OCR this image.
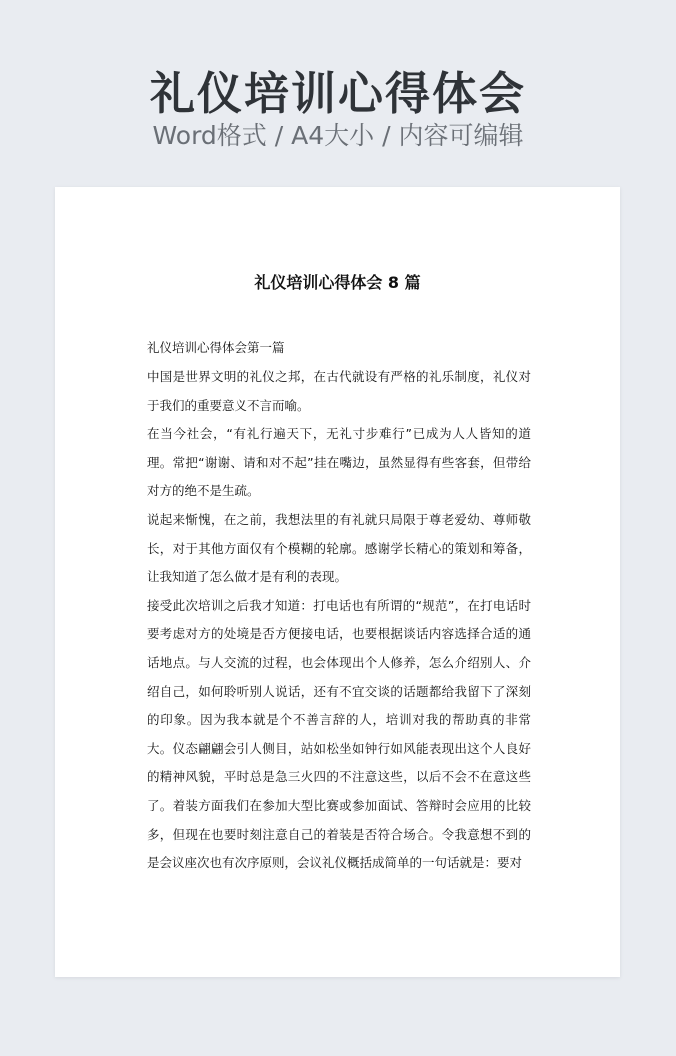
礼仪培训心得体会
Word格式 / A4大小 / 内容可编辑
礼仪培训心得体会 8 篇
礼仪培训心得体会第一篇

中国是世界文明的礼仪之邦，在古代就设有严格的礼乐制度，礼仪对于我们的重要意义不言而喻。

在当今社会，“有礼行遍天下，无礼寸步难行”已成为人人皆知的道理。常把“谢谢、请和对不起”挂在嘴边，虽然显得有些客套，但带给对方的绝不是生疏。

说起来惭愧，在之前，我想法里的有礼就只局限于尊老爱幼、尊师敬长，对于其他方面仅有个模糊的轮廓。感谢学长精心的策划和筹备，让我知道了怎么做才是有利的表现。

接受此次培训之后我才知道：打电话也有所谓的“规范”，在打电话时要考虑对方的处境是否方便接电话，也要根据谈话内容选择合适的通话地点。与人交流的过程，也会体现出个人修养，怎么介绍别人、介绍自己，如何聆听别人说话，还有不宜交谈的话题都给我留下了深刻的印象。因为我本就是个不善言辞的人，培训对我的帮助真的非常大。仪态翩翩会引人侧目，站如松坐如钟行如风能表现出这个人良好的精神风貌，平时总是急三火四的不注意这些，以后不会不在意这些了。着装方面我们在参加大型比赛或参加面试、答辩时会应用的比较多，但现在也要时刻注意自己的着装是否符合场合。令我意想不到的是会议座次也有次序原则，会议礼仪概括成简单的一句话就是：要对
